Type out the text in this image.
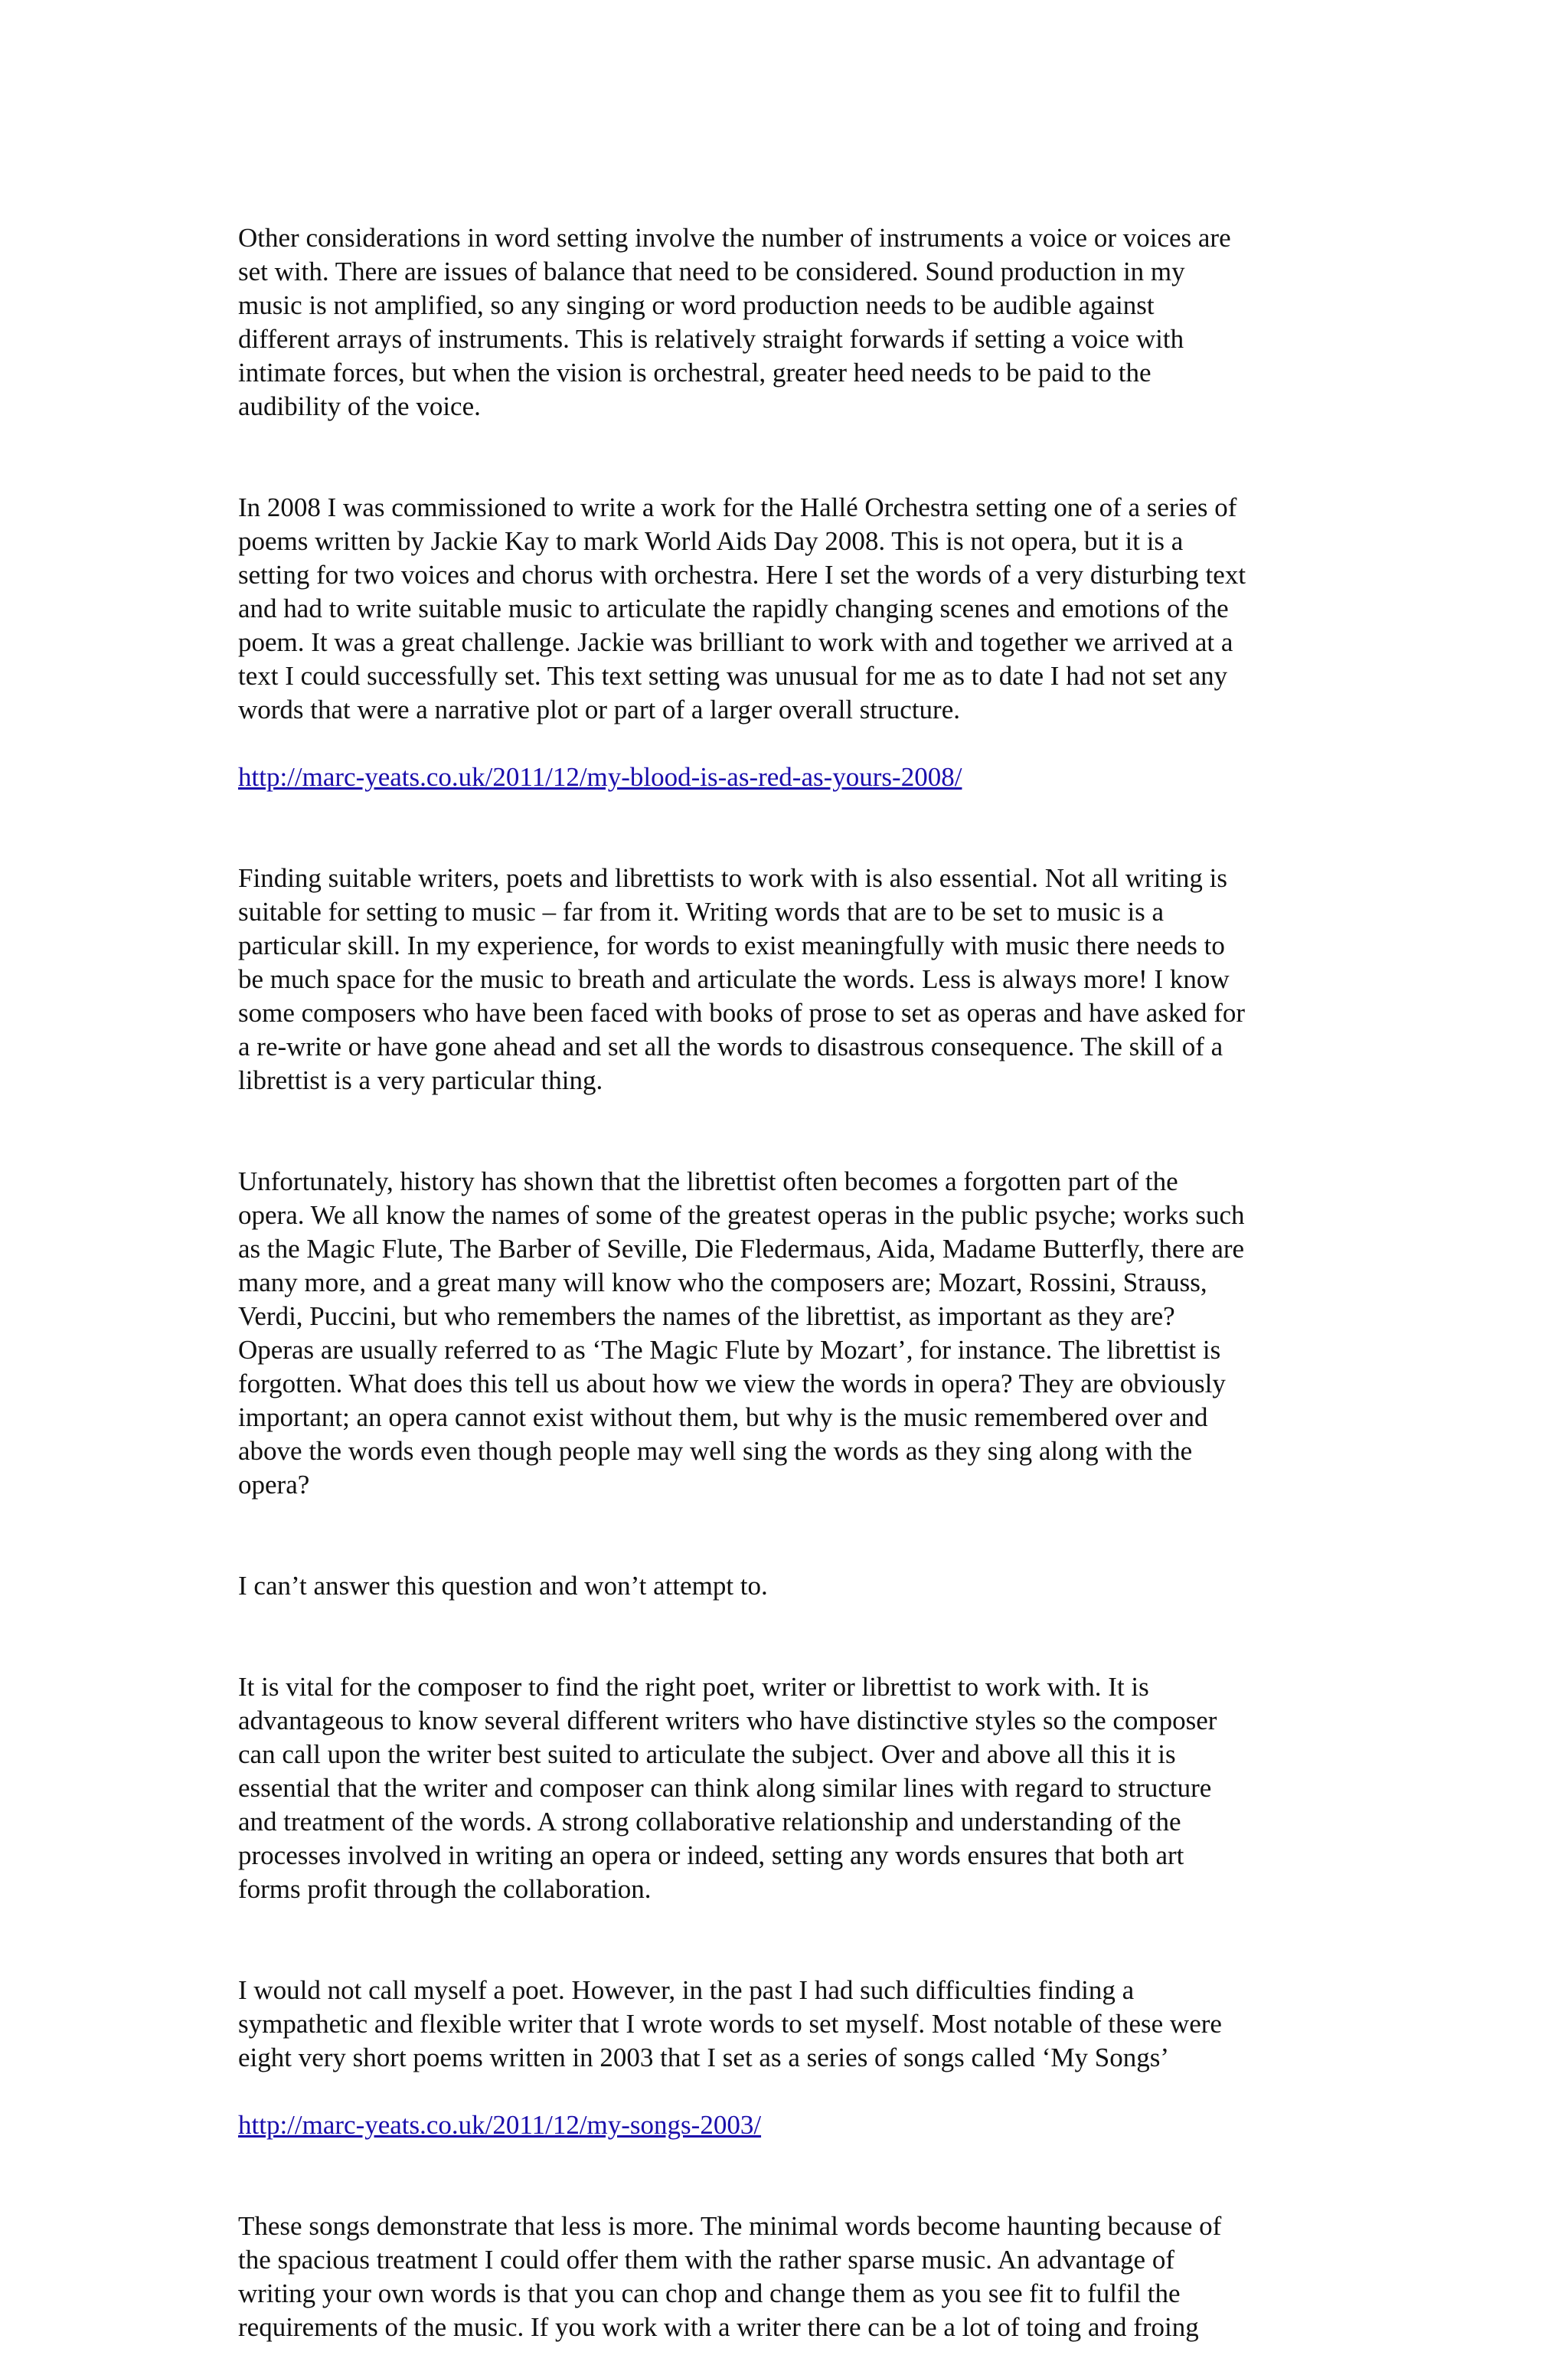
Other considerations in word setting involve the number of instruments a voice or voices are
set with. There are issues of balance that need to be considered. Sound production in my
music is not amplified, so any singing or word production needs to be audible against
different arrays of instruments. This is relatively straight forwards if setting a voice with
intimate forces, but when the vision is orchestral, greater heed needs to be paid to the
audibility of the voice.

In 2008 I was commissioned to write a work for the Hallé Orchestra setting one of a series of
poems written by Jackie Kay to mark World Aids Day 2008. This is not opera, but it is a
setting for two voices and chorus with orchestra. Here I set the words of a very disturbing text
and had to write suitable music to articulate the rapidly changing scenes and emotions of the
poem. It was a great challenge. Jackie was brilliant to work with and together we arrived at a
text I could successfully set. This text setting was unusual for me as to date I had not set any
words that were a narrative plot or part of a larger overall structure.

http://marc-yeats.co.uk/2011/12/my-blood-is-as-red-as-yours-2008/

Finding suitable writers, poets and librettists to work with is also essential. Not all writing is
suitable for setting to music – far from it. Writing words that are to be set to music is a
particular skill. In my experience, for words to exist meaningfully with music there needs to
be much space for the music to breath and articulate the words. Less is always more! I know
some composers who have been faced with books of prose to set as operas and have asked for
a re-write or have gone ahead and set all the words to disastrous consequence. The skill of a
librettist is a very particular thing.

Unfortunately, history has shown that the librettist often becomes a forgotten part of the
opera. We all know the names of some of the greatest operas in the public psyche; works such
as the Magic Flute, The Barber of Seville, Die Fledermaus, Aida, Madame Butterfly, there are
many more, and a great many will know who the composers are; Mozart, Rossini, Strauss,
Verdi, Puccini, but who remembers the names of the librettist, as important as they are?
Operas are usually referred to as ‘The Magic Flute by Mozart’, for instance. The librettist is
forgotten. What does this tell us about how we view the words in opera? They are obviously
important; an opera cannot exist without them, but why is the music remembered over and
above the words even though people may well sing the words as they sing along with the
opera?

I can’t answer this question and won’t attempt to.

It is vital for the composer to find the right poet, writer or librettist to work with. It is
advantageous to know several different writers who have distinctive styles so the composer
can call upon the writer best suited to articulate the subject. Over and above all this it is
essential that the writer and composer can think along similar lines with regard to structure
and treatment of the words. A strong collaborative relationship and understanding of the
processes involved in writing an opera or indeed, setting any words ensures that both art
forms profit through the collaboration.

I would not call myself a poet. However, in the past I had such difficulties finding a
sympathetic and flexible writer that I wrote words to set myself. Most notable of these were
eight very short poems written in 2003 that I set as a series of songs called ‘My Songs’

http://marc-yeats.co.uk/2011/12/my-songs-2003/

These songs demonstrate that less is more. The minimal words become haunting because of
the spacious treatment I could offer them with the rather sparse music. An advantage of
writing your own words is that you can chop and change them as you see fit to fulfil the
requirements of the music. If you work with a writer there can be a lot of toing and froing
